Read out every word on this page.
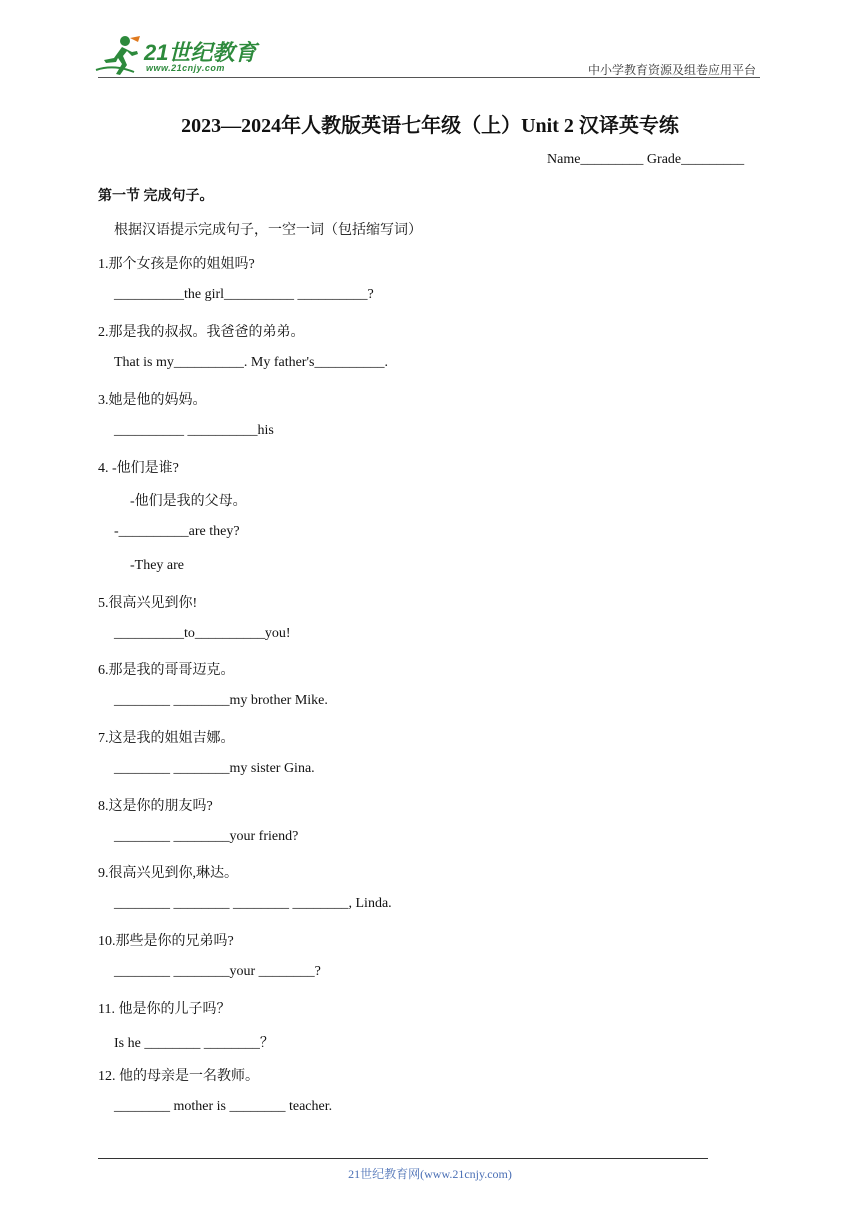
21世纪教育
www.21cnjy.com	中小学教育资源及组卷应用平台
2023—2024年人教版英语七年级（上）Unit 2 汉译英专练
Name_________ Grade_________
第一节 完成句子。
根据汉语提示完成句子，一空一词（包括缩写词）
1.那个女孩是你的姐姐吗?
__________the girl__________ __________?
2.那是我的叔叔。我爸爸的弟弟。
That is my__________. My father's__________.
3.她是他的妈妈。
__________ __________his
4. -他们是谁?
-他们是我的父母。
-__________are they?
-They are
5.很高兴见到你!
__________to__________you!
6.那是我的哥哥迈克。
________ ________my brother Mike.
7.这是我的姐姐吉娜。
________ ________my sister Gina.
8.这是你的朋友吗?
________ ________your friend?
9.很高兴见到你,琳达。
________ ________ ________ ________, Linda.
10.那些是你的兄弟吗?
________ ________your ________?
11. 他是你的儿子吗？
Is he ________ ________？
12. 他的母亲是一名教师。
________ mother is ________ teacher.
21世纪教育网(www.21cnjy.com)
